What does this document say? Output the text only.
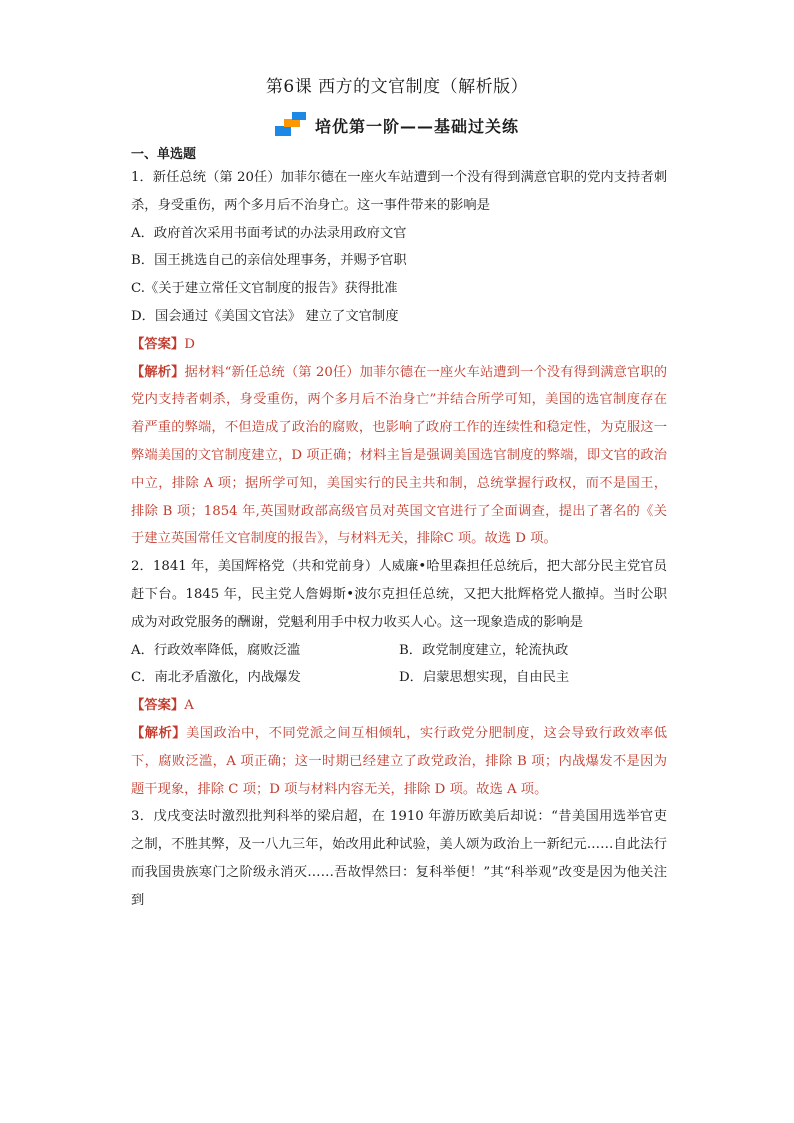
第6课 西方的文官制度（解析版）
培优第一阶——基础过关练
一、单选题

1．新任总统（第 20任）加菲尔德在一座火车站遭到一个没有得到满意官职的党内支持者刺杀，身受重伤，两个多月后不治身亡。这一事件带来的影响是

A．政府首次采用书面考试的办法录用政府文官

B．国王挑选自己的亲信处理事务，并赐予官职

C.《关于建立常任文官制度的报告》获得批准

D．国会通过《美国文官法》 建立了文官制度

【答案】D

【解析】据材料“新任总统（第 20任）加菲尔德在一座火车站遭到一个没有得到满意官职的党内支持者刺杀，身受重伤，两个多月后不治身亡”并结合所学可知，美国的选官制度存在着严重的弊端，不但造成了政治的腐败，也影响了政府工作的连续性和稳定性，为克服这一弊端美国的文官制度建立，D 项正确；材料主旨是强调美国选官制度的弊端，即文官的政治中立，排除 A 项；据所学可知，美国实行的民主共和制，总统掌握行政权，而不是国王，排除 B 项；1854 年,英国财政部高级官员对英国文官进行了全面调查，提出了著名的《关于建立英国常任文官制度的报告》，与材料无关，排除C 项。故选 D 项。

2．1841 年，美国辉格党（共和党前身）人威廉•哈里森担任总统后，把大部分民主党官员赶下台。1845 年，民主党人詹姆斯•波尔克担任总统，又把大批辉格党人撤掉。当时公职成为对政党服务的酬谢，党魁利用手中权力收买人心。这一现象造成的影响是

A．行政效率降低，腐败泛滥	B．政党制度建立，轮流执政
C．南北矛盾激化，内战爆发	D．启蒙思想实现，自由民主

【答案】A

【解析】美国政治中，不同党派之间互相倾轧，实行政党分肥制度，这会导致行政效率低下，腐败泛滥，A 项正确；这一时期已经建立了政党政治，排除 B 项；内战爆发不是因为题干现象，排除 C 项；D 项与材料内容无关，排除 D 项。故选 A 项。

3．戊戌变法时激烈批判科举的梁启超，在 1910 年游历欧美后却说：“昔美国用选举官吏之制，不胜其弊，及一八九三年，始改用此种试验，美人颂为政治上一新纪元……自此法行而我国贵族寒门之阶级永消灭……吾故悍然曰：复科举便！”其“科举观”改变是因为他关注到
